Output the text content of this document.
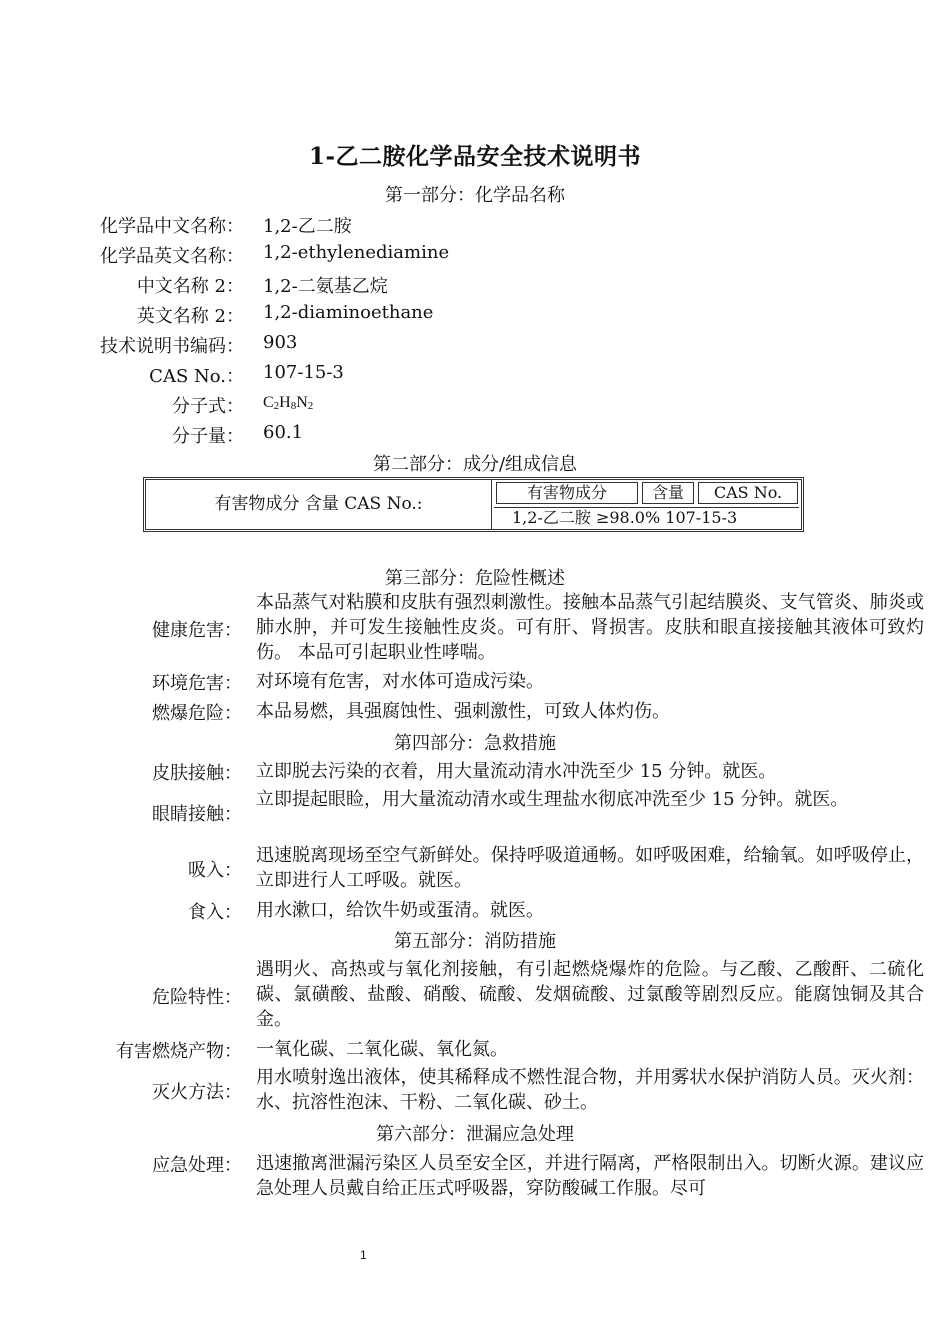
1-乙二胺化学品安全技术说明书
第一部分：化学品名称
化学品中文名称： 1,2-乙二胺
化学品英文名称： 1,2-ethylenediamine
中文名称 2： 1,2-二氨基乙烷
英文名称 2： 1,2-diaminoethane
技术说明书编码： 903
CAS No.： 107-15-3
分子式： $C_2H_8N_2$
分子量： 60.1
第二部分：成分/组成信息
有害物成分 含量 CAS No.:
有害物成分	含量	CAS No.
1,2-乙二胺 ≥98.0% 107-15-3
第三部分：危险性概述
健康危害：
本品蒸气对粘膜和皮肤有强烈刺激性。接触本品蒸气引起结膜炎、支气管炎、肺炎或肺水肿，并可发生接触性皮炎。可有肝、肾损害。皮肤和眼直接接触其液体可致灼伤。 本品可引起职业性哮喘。
环境危害： 对环境有危害，对水体可造成污染。
燃爆危险： 本品易燃，具强腐蚀性、强刺激性，可致人体灼伤。
第四部分：急救措施
皮肤接触： 立即脱去污染的衣着，用大量流动清水冲洗至少 15 分钟。就医。
眼睛接触：
立即提起眼睑，用大量流动清水或生理盐水彻底冲洗至少 15 分钟。就医。
吸入：
迅速脱离现场至空气新鲜处。保持呼吸道通畅。如呼吸困难，给输氧。如呼吸停止，立即进行人工呼吸。就医。
食入： 用水漱口，给饮牛奶或蛋清。就医。
第五部分：消防措施
危险特性：
遇明火、高热或与氧化剂接触，有引起燃烧爆炸的危险。与乙酸、乙酸酐、二硫化碳、氯磺酸、盐酸、硝酸、硫酸、发烟硫酸、过氯酸等剧烈反应。能腐蚀铜及其合金。
有害燃烧产物： 一氧化碳、二氧化碳、氧化氮。
灭火方法：
用水喷射逸出液体，使其稀释成不燃性混合物，并用雾状水保护消防人员。灭火剂：水、抗溶性泡沫、干粉、二氧化碳、砂土。
第六部分：泄漏应急处理
应急处理： 迅速撤离泄漏污染区人员至安全区，并进行隔离，严格限制出入。切断火源。建议应急处理人员戴自给正压式呼吸器，穿防酸碱工作服。尽可
1
